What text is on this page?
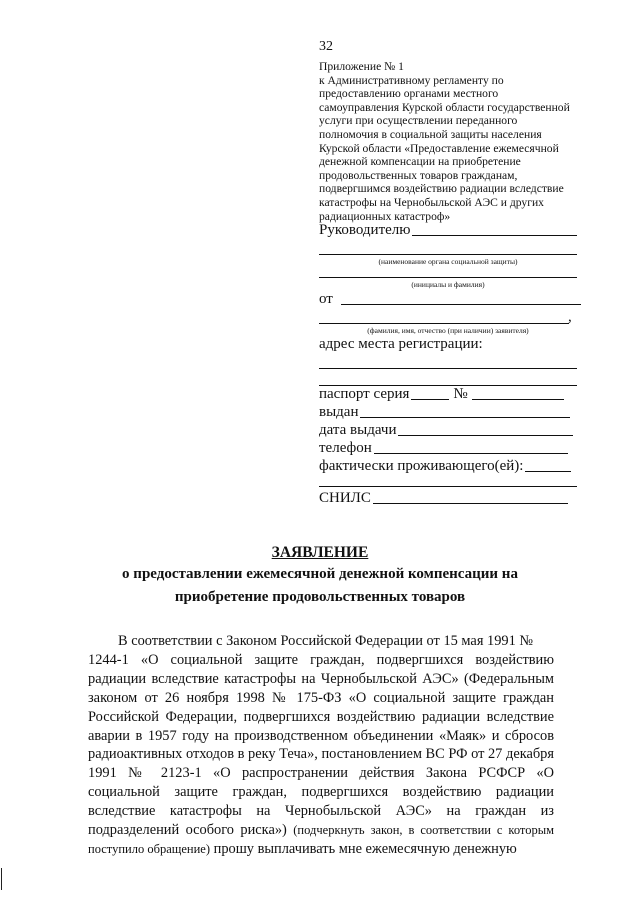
32
Приложение № 1
к Административному регламенту по
предоставлению органами местного
самоуправления Курской области государственной
услуги при осуществлении переданного
полномочия в социальной защиты населения
Курской области «Предоставление ежемесячной
денежной компенсации на приобретение
продовольственных товаров гражданам,
подвергшимся воздействию радиации вследствие
катастрофы на Чернобыльской АЭС и других
радиационных катастроф»
Руководителю
(наименование органа социальной защиты)
(инициалы и фамилия)
от
,
(фамилия, имя, отчество (при наличии) заявителя)
адрес места регистрации:
паспорт серия	№
выдан
дата выдачи
телефон
фактически проживающего(ей):
СНИЛС
ЗАЯВЛЕНИЕ
о предоставлении ежемесячной денежной компенсации на
приобретение продовольственных товаров

В соответствии с Законом Российской Федерации от 15 мая 1991 №

1244-1 «О социальной защите граждан, подвергшихся воздействию радиации вследствие катастрофы на Чернобыльской АЭС» (Федеральным законом от 26 ноября 1998 № 175-ФЗ «О социальной защите граждан Российской Федерации, подвергшихся воздействию радиации вследствие аварии в 1957 году на производственном объединении «Маяк» и сбросов радиоактивных отходов в реку Теча», постановлением ВС РФ от 27 декабря 1991 № 2123-1 «О распространении действия Закона РСФСР «О социальной защите граждан, подвергшихся воздействию радиации вследствие катастрофы на Чернобыльской АЭС» на граждан из подразделений особого риска») (подчеркнуть закон, в соответствии с которым поступило обращение) прошу выплачивать мне ежемесячную денежную
